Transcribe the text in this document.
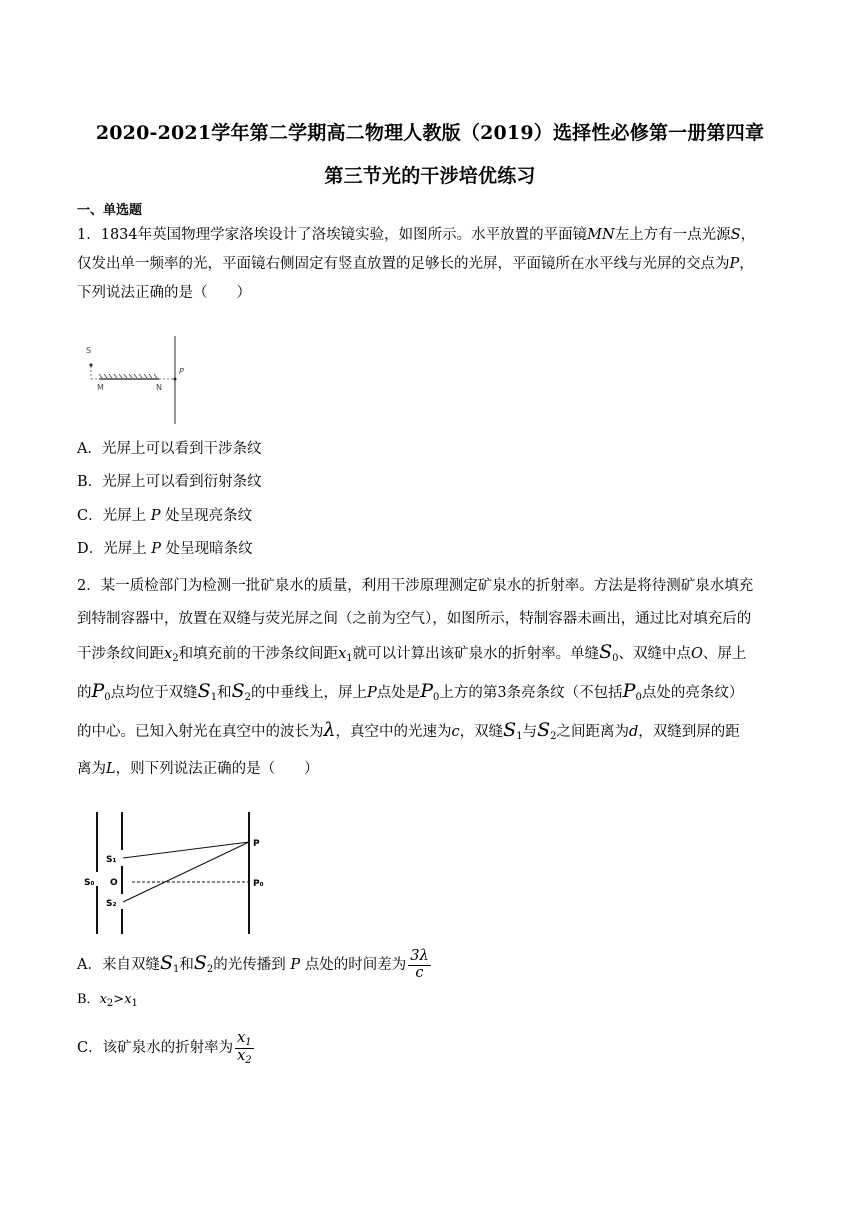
2020-2021学年第二学期高二物理人教版（2019）选择性必修第一册第四章
第三节光的干涉培优练习
一、单选题
1．1834年英国物理学家洛埃设计了洛埃镜实验，如图所示。水平放置的平面镜MN左上方有一点光源S，
仅发出单一频率的光，平面镜右侧固定有竖直放置的足够长的光屏，平面镜所在水平线与光屏的交点为P，
下列说法正确的是（　　）
S
M	N
P
A．光屏上可以看到干涉条纹
B．光屏上可以看到衍射条纹
C．光屏上 P 处呈现亮条纹
D．光屏上 P 处呈现暗条纹
2．某一质检部门为检测一批矿泉水的质量，利用干涉原理测定矿泉水的折射率。方法是将待测矿泉水填充
到特制容器中，放置在双缝与荧光屏之间（之前为空气），如图所示，特制容器未画出，通过比对填充后的
干涉条纹间距$x_2$和填充前的干涉条纹间距$x_1$就可以计算出该矿泉水的折射率。单缝$S_0$、双缝中点O、屏上
的$P_0$点均位于双缝$S_1$和$S_2$的中垂线上，屏上P点处是$P_0$上方的第3条亮条纹（不包括$P_0$点处的亮条纹）
的中心。已知入射光在真空中的波长为λ，真空中的光速为c，双缝$S_1$与$S_2$之间距离为d，双缝到屏的距
离为L，则下列说法正确的是（　　）
P
S₁
O	P₀
S₀
S₂
A．来自双缝$S_1$和$S_2$的光传播到 P 点处的时间差为 $\frac{3\lambda}{c}$
B．$x_2>x_1$
C．该矿泉水的折射率为 $\frac{x_1}{x_2}$
